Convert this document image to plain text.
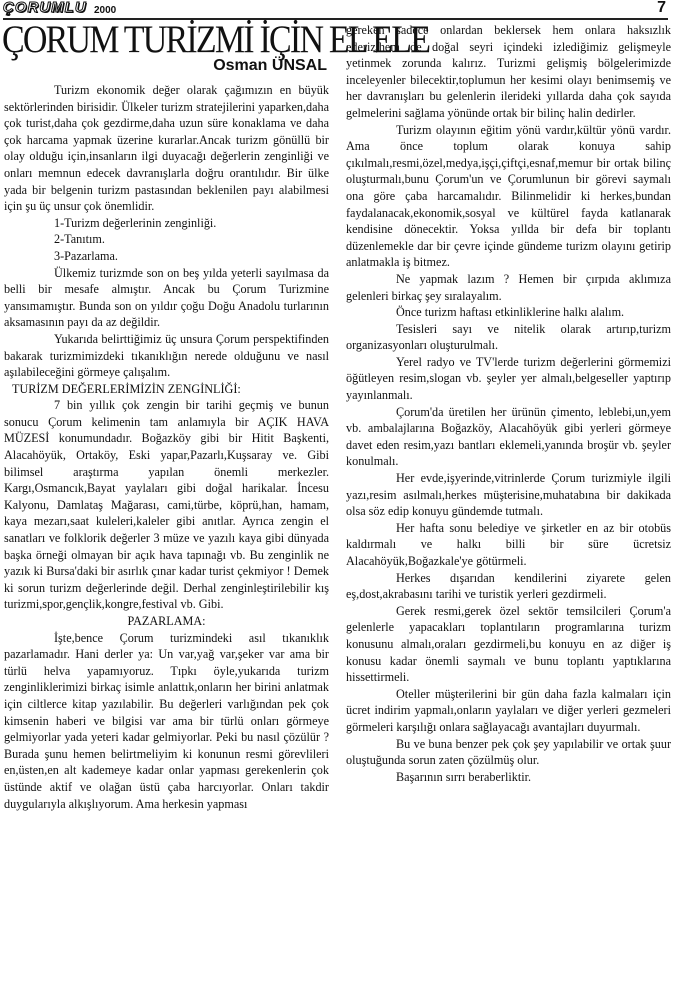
ÇORUMLU 2000	7
ÇORUM TURİZMİ İÇİN EL ELE
Osman ÜNSAL

Turizm ekonomik değer olarak çağımızın en büyük sektörlerinden birisidir. Ülkeler turizm stratejilerini yaparken,daha çok turist,daha çok gezdirme,daha uzun süre konaklama ve daha çok harcama yapmak üzerine kurarlar.Ancak turizm gönüllü bir olay olduğu için,insanların ilgi duyacağı değerlerin zenginliği ve onları memnun edecek davranışlarla doğru orantılıdır. Bir ülke yada bir belgenin turizm pastasından beklenilen payı alabilmesi için şu üç unsur çok önemlidir.

1-Turizm değerlerinin zenginliği.

2-Tanıtım.

3-Pazarlama.

Ülkemiz turizmde son on beş yılda yeterli sayılmasa da belli bir mesafe almıştır. Ancak bu Çorum Turizmine yansımamıştır. Bunda son on yıldır çoğu Doğu Anadolu turlarının aksamasının payı da az değildir.

Yukarıda belirttiğimiz üç unsura Çorum perspektifinden bakarak turizmimizdeki tıkanıklığın nerede olduğunu ve nasıl aşılabileceğini görmeye çalışalım.

TURİZM DEĞERLERİMİZİN ZENGİNLİĞİ:

7 bin yıllık çok zengin bir tarihi geçmiş ve bunun sonucu Çorum kelimenin tam anlamıyla bir AÇIK HAVA MÜZESİ konumundadır. Boğazköy gibi bir Hitit Başkenti, Alacahöyük, Ortaköy, Eski yapar,Pazarlı,Kuşsaray ve. Gibi bilimsel araştırma yapılan önemli merkezler. Kargı,Osmancık,Bayat yaylaları gibi doğal harikalar. İncesu Kalyonu, Damlataş Mağarası, cami,türbe, köprü,han, hamam, kaya mezarı,saat kuleleri,kaleler gibi anıtlar. Ayrıca zengin el sanatları ve folklorik değerler 3 müze ve yazılı kaya gibi dünyada başka örneği olmayan bir açık hava tapınağı vb. Bu zenginlik ne yazık ki Bursa'daki bir asırlık çınar kadar turist çekmiyor ! Demek ki sorun turizm değerlerinde değil. Derhal zenginleştirilebilir kış turizmi,spor,gençlik,kongre,festival vb. Gibi.

PAZARLAMA:

İşte,bence Çorum turizmindeki asıl tıkanıklık pazarlamadır. Hani derler ya: Un var,yağ var,şeker var ama bir türlü helva yapamıyoruz. Tıpkı öyle,yukarıda turizm zenginliklerimizi birkaç isimle anlattık,onların her birini anlatmak için ciltlerce kitap yazılabilir. Bu değerleri varlığından pek çok kimsenin haberi ve bilgisi var ama bir türlü onları görmeye gelmiyorlar yada yeteri kadar gelmiyorlar. Peki bu nasıl çözülür ? Burada şunu hemen belirtmeliyim ki konunun resmi görevlileri en,üsten,en alt kademeye kadar onlar yapması gerekenlerin çok üstünde aktif ve olağan üstü çaba harcıyorlar. Onları takdir duygularıyla alkışlıyorum. Ama herkesin yapması

gereken sadece onlardan beklersek hem onlara haksızlık ederiz,hem de doğal seyri içindeki izlediğimiz gelişmeyle yetinmek zorunda kalırız. Turizmi gelişmiş bölgelerimizde inceleyenler bilecektir,toplumun her kesimi olayı benimsemiş ve her davranışları bu gelenlerin ilerideki yıllarda daha çok sayıda gelmelerini sağlama yönünde ortak bir bilinç halin dedirler.

Turizm olayının eğitim yönü vardır,kültür yönü vardır. Ama önce toplum olarak konuya sahip çıkılmalı,resmi,özel,medya,işçi,çiftçi,esnaf,memur bir ortak bilinç oluşturmalı,bunu Çorum'un ve Çorumlunun bir görevi saymalı ona göre çaba harcamalıdır. Bilinmelidir ki herkes,bundan faydalanacak,ekonomik,sosyal ve kültürel fayda katlanarak kendisine dönecektir. Yoksa yıllda bir defa bir toplantı düzenlemekle dar bir çevre içinde gündeme turizm olayını getirip anlatmakla iş bitmez.

Ne yapmak lazım ? Hemen bir çırpıda aklımıza gelenleri birkaç şey sıralayalım.

Önce turizm haftası etkinliklerine halkı alalım.

Tesisleri sayı ve nitelik olarak artırıp,turizm organizasyonları oluşturulmalı.

Yerel radyo ve TV'lerde turizm değerlerini görmemizi öğütleyen resim,slogan vb. şeyler yer almalı,belgeseller yaptırıp yayınlanmalı.

Çorum'da üretilen her ürünün çimento, leblebi,un,yem vb. ambalajlarına Boğazköy, Alacahöyük gibi yerleri görmeye davet eden resim,yazı bantları eklemeli,yanında broşür vb. şeyler konulmalı.

Her evde,işyerinde,vitrinlerde Çorum turizmiyle ilgili yazı,resim asılmalı,herkes müşterisine,muhatabına bir dakikada olsa söz edip konuyu gündemde tutmalı.

Her hafta sonu belediye ve şirketler en az bir otobüs kaldırmalı ve halkı billi bir süre ücretsiz Alacahöyük,Boğazkale'ye götürmeli.

Herkes dışarıdan kendilerini ziyarete gelen eş,dost,akrabasını tarihi ve turistik yerleri gezdirmeli.

Gerek resmi,gerek özel sektör temsilcileri Çorum'a gelenlerle yapacakları toplantıların programlarına turizm konusunu almalı,oraları gezdirmeli,bu konuyu en az diğer iş konusu kadar önemli saymalı ve bunu toplantı yaptıklarına hissettirmeli.

Oteller müşterilerini bir gün daha fazla kalmaları için ücret indirim yapmalı,onların yaylaları ve diğer yerleri gezmeleri görmeleri karşılığı onlara sağlayacağı avantajları duyurmalı.

Bu ve buna benzer pek çok şey yapılabilir ve ortak şuur oluştuğunda sorun zaten çözülmüş olur.

Başarının sırrı beraberliktir.
